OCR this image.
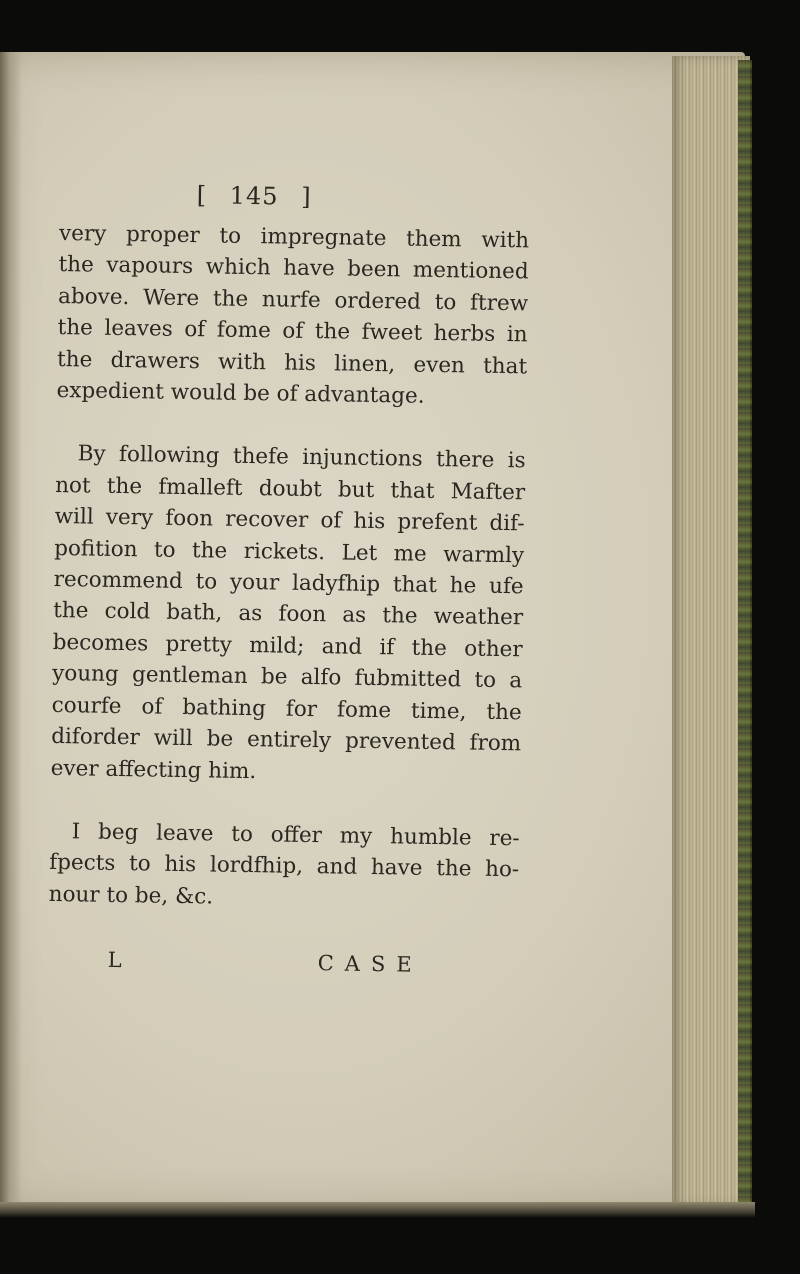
[ 145 ]
very proper to impregnate them with
the vapours which have been mentioned
above. Were the nurfe ordered to ftrew
the leaves of fome of the fweet herbs in
the drawers with his linen, even that
expedient would be of advantage.
By following thefe injunctions there is
not the fmalleft doubt but that Mafter
will very foon recover of his prefent dif-
pofition to the rickets. Let me warmly
recommend to your ladyfhip that he ufe
the cold bath, as foon as the weather
becomes pretty mild; and if the other
young gentleman be alfo fubmitted to a
courfe of bathing for fome time, the
diforder will be entirely prevented from
ever affecting him.
I beg leave to offer my humble re-
fpects to his lordfhip, and have the ho-
nour to be, &c.
L	CASE
